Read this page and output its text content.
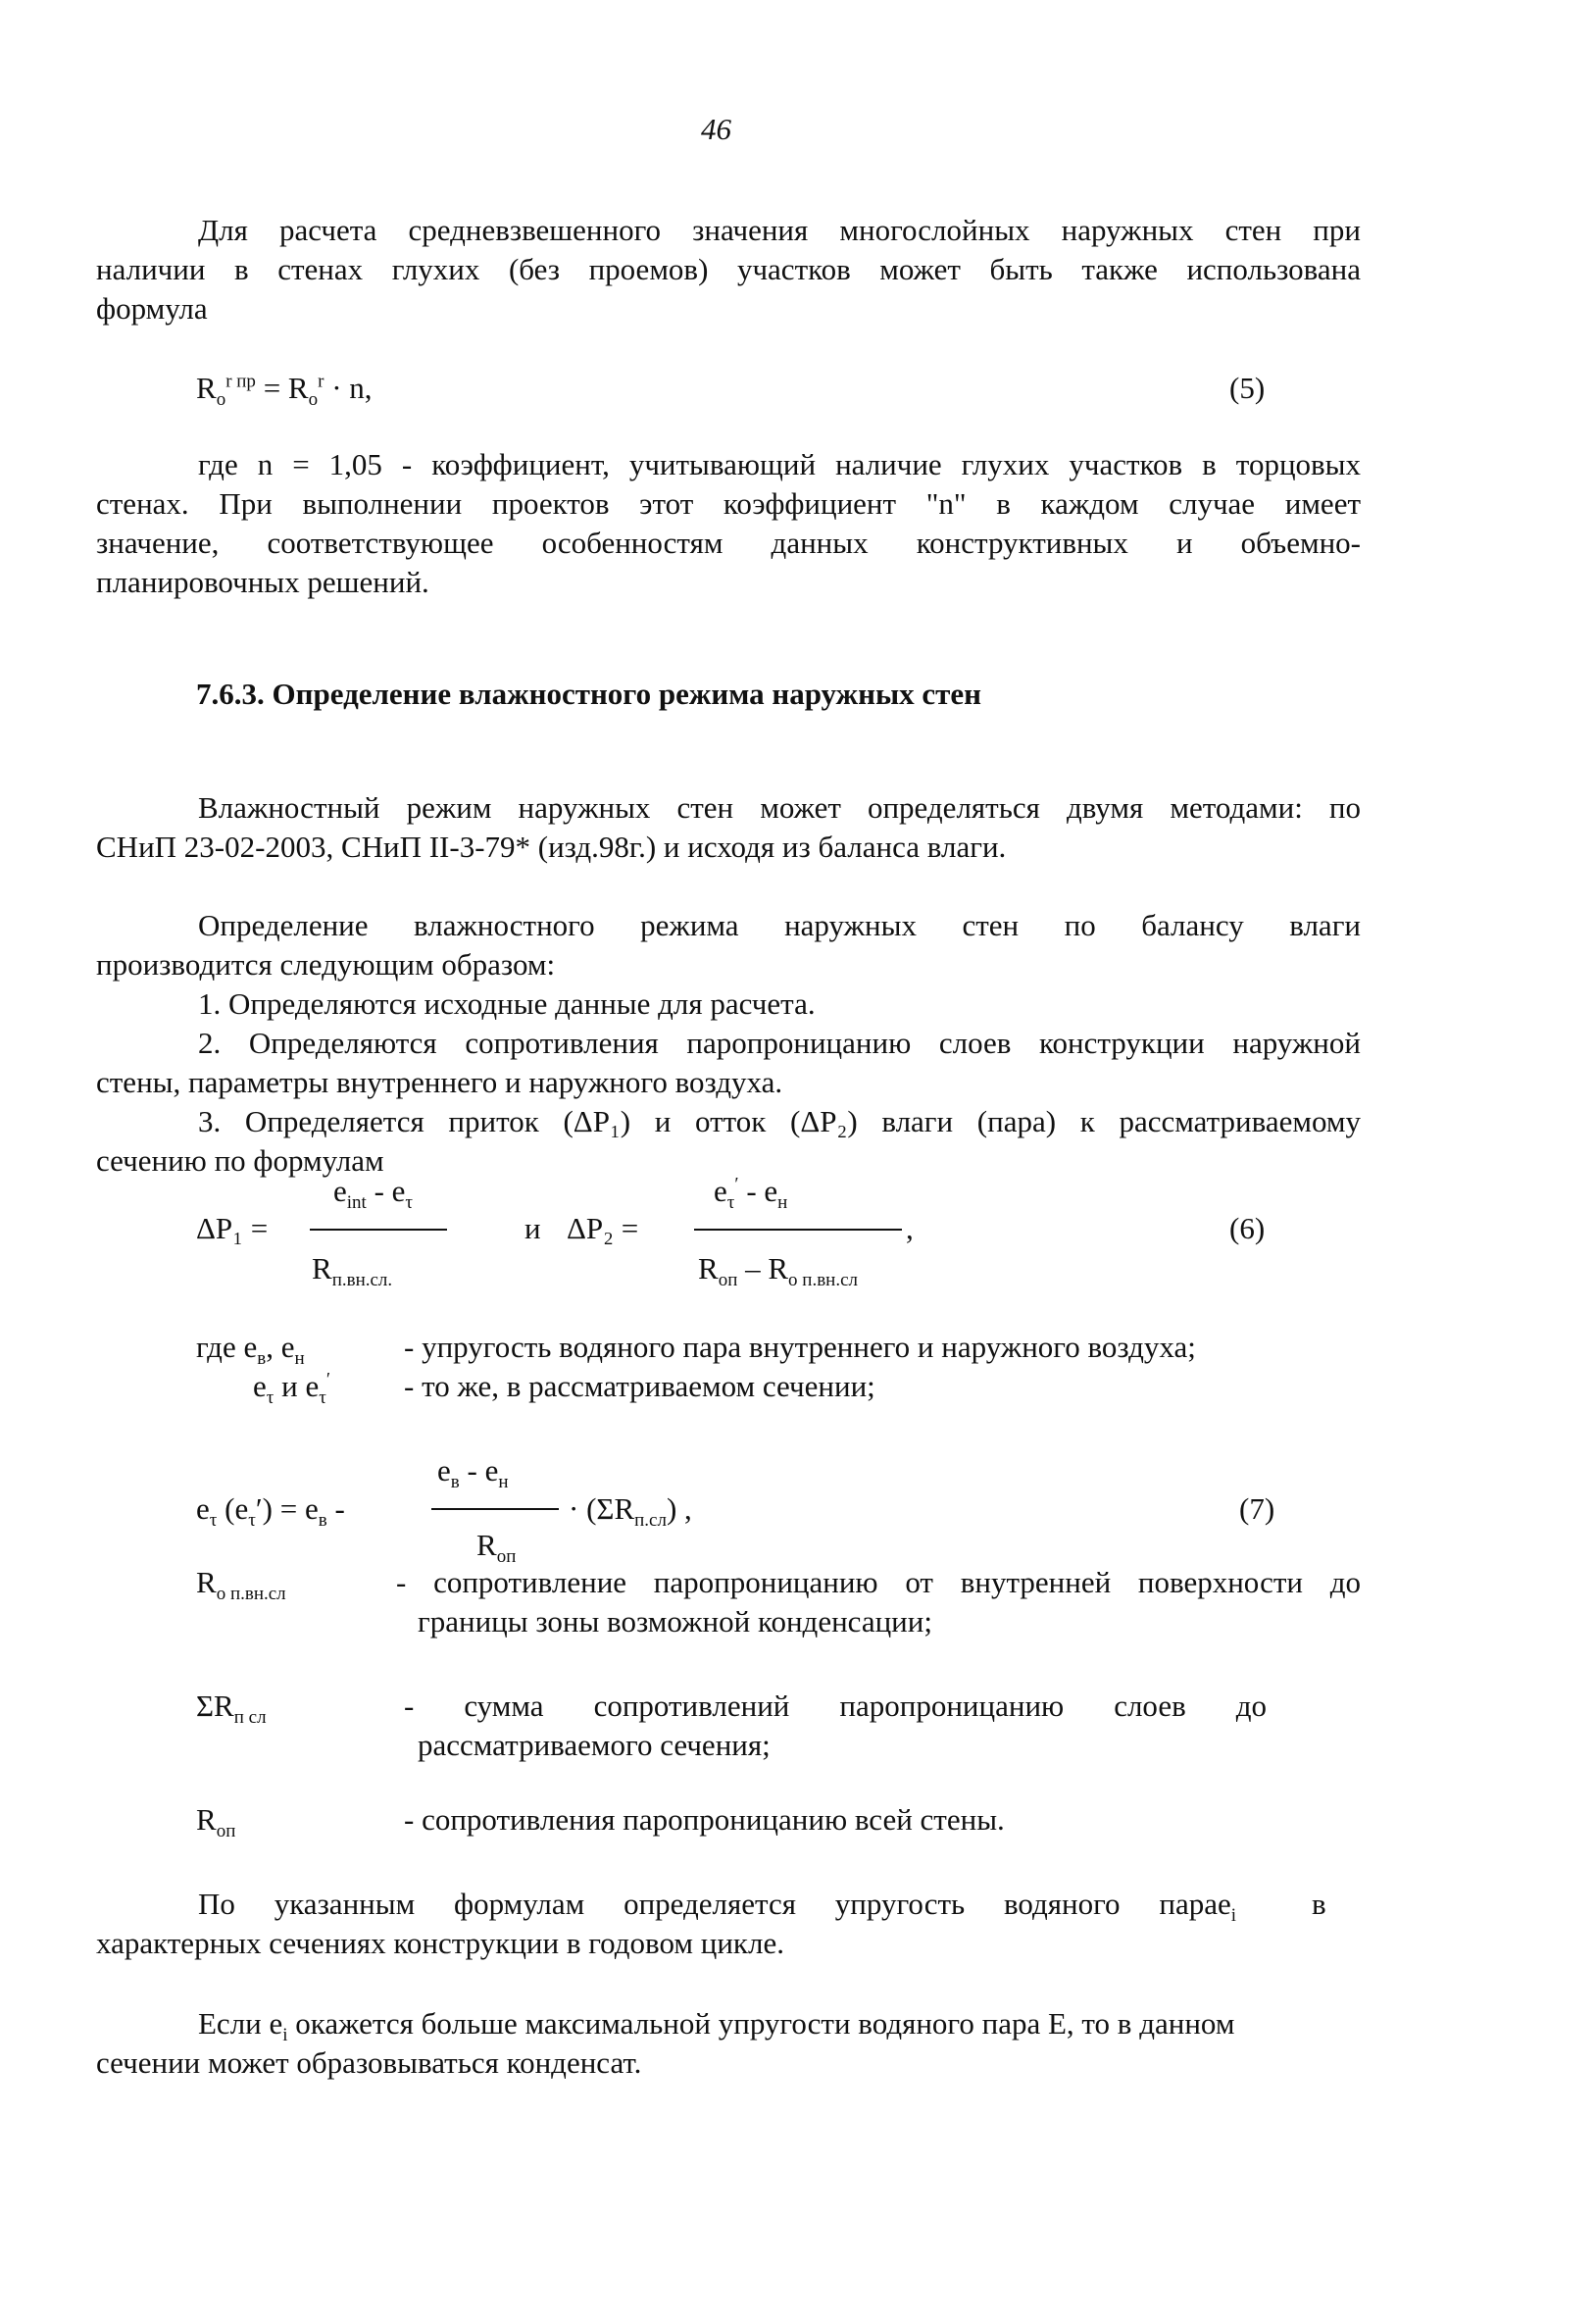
46
Для расчета средневзвешенного значения многослойных наружных стен при
наличии в стенах глухих (без проемов) участков может быть также использована
формула
$R_o^{r пр} = R_o^r \cdot n$,	(5)
где n = 1,05 - коэффициент, учитывающий наличие глухих участков в торцовых
стенах. При выполнении проектов этот коэффициент "n" в каждом случае имеет
значение, соответствующее особенностям данных конструктивных и объемно-
планировочных решений.
7.6.3. Определение влажностного режима наружных стен
Влажностный режим наружных стен может определяться двумя методами: по
СНиП 23-02-2003, СНиП II-3-79* (изд.98г.) и исходя из баланса влаги.
Определение влажностного режима наружных стен по балансу влаги
производится следующим образом:
1. Определяются исходные данные для расчета.
2. Определяются сопротивления паропроницанию слоев конструкции наружной
стены, параметры внутреннего и наружного воздуха.
3. Определяется приток (ΔP₁) и отток (ΔP₂) влаги (пара) к рассматриваемому
сечению по формулам
ΔP₁ =
$e_{int} - e_\tau$
$R_{п.вн.сл.}$
и ΔP₂ =
$e_\tau' - e_н$
,
$R_{оп} - R_{о п.вн.сл}$
(6)
где $e_в$, $e_н$	- упругость водяного пара внутреннего и наружного воздуха;
$e_\tau$ и $e_\tau'$ - то же, в рассматриваемом сечении;
$e_\tau$ $(e_\tau') = e_в$ -
$e_в - e_н$
$R_{оп}$
· $(\Sigma R_{п.сл})$ ,	(7)
$R_{о п.вн.сл}$	- сопротивление паропроницанию от внутренней поверхности до
границы зоны возможной конденсации;
$\Sigma R_{п сл}$	- сумма сопротивлений паропроницанию слоев до
рассматриваемого сечения;
$R_{оп}$	- сопротивления паропроницанию всей стены.
По указанным формулам определяется упругость водяного параe$_i$ в
характерных сечениях конструкции в годовом цикле.
Если $e_i$ окажется больше максимальной упругости водяного пара Е, то в данном
сечении может образовываться конденсат.
